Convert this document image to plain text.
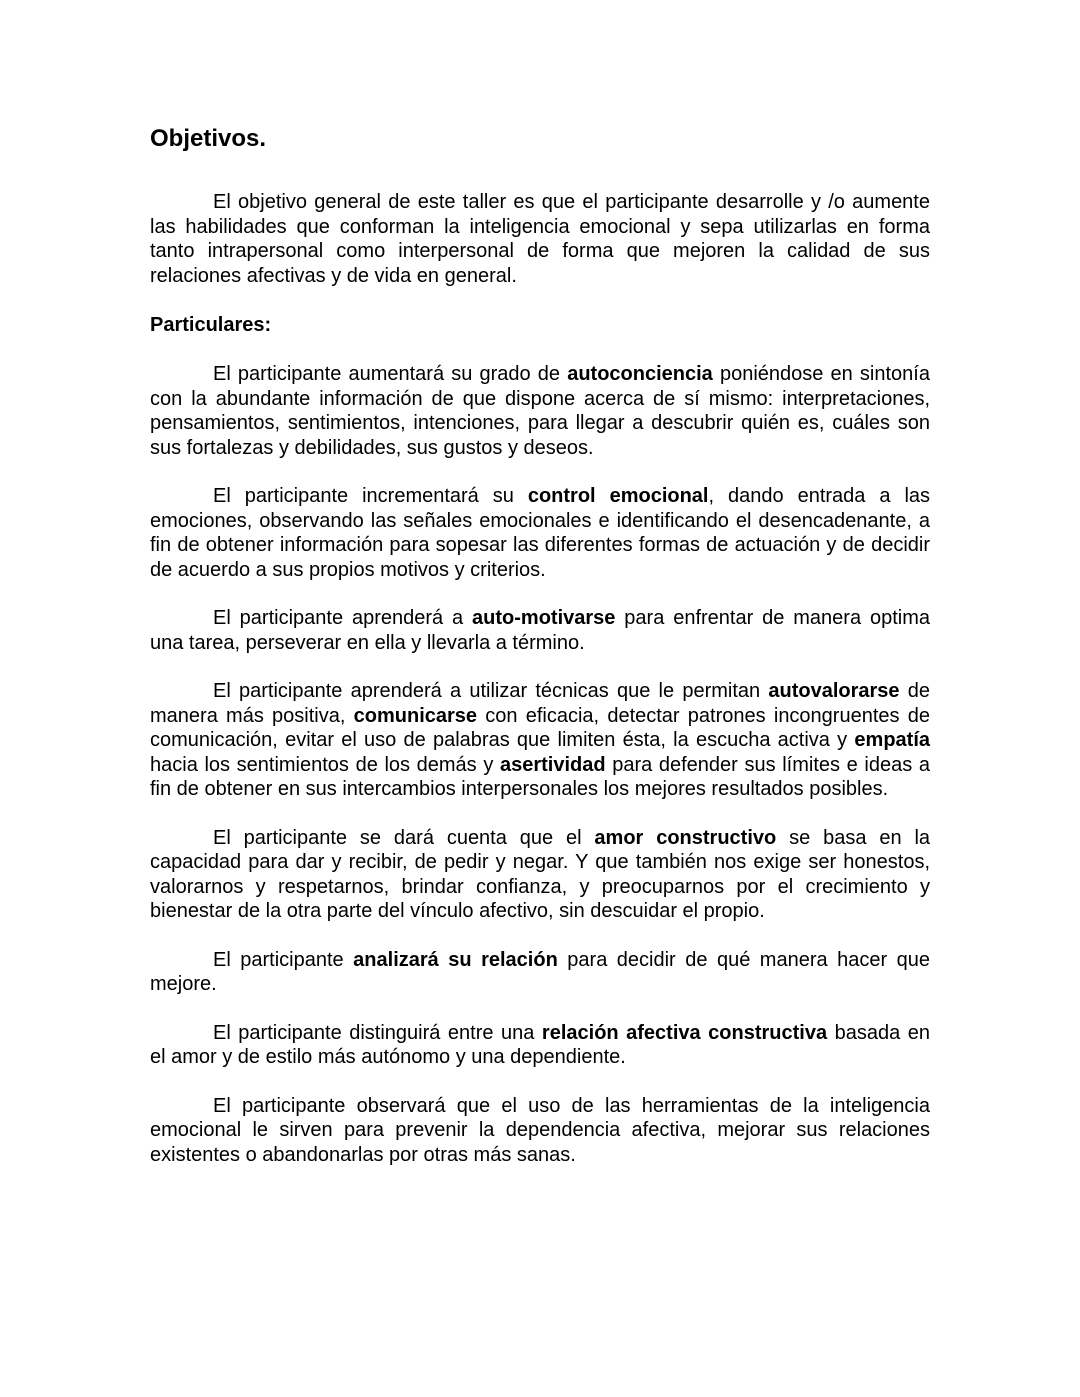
Objetivos.

El objetivo general de este taller es que el participante desarrolle y /o aumente las habilidades que conforman la inteligencia emocional y sepa utilizarlas en forma tanto intrapersonal como interpersonal de forma que mejoren la calidad de sus relaciones afectivas y de vida en general.

Particulares:

El participante aumentará su grado de autoconciencia poniéndose en sintonía con la abundante información de que dispone acerca de sí mismo: interpretaciones, pensamientos, sentimientos, intenciones, para llegar a descubrir quién es, cuáles son sus fortalezas y debilidades, sus gustos y deseos.

El participante incrementará su control emocional, dando entrada a las emociones, observando las señales emocionales e identificando el desencadenante, a fin de obtener información para sopesar las diferentes formas de actuación y de decidir de acuerdo a sus propios motivos y criterios.

El participante aprenderá a auto-motivarse para enfrentar de manera optima una tarea, perseverar en ella y llevarla a término.

El participante aprenderá a utilizar técnicas que le permitan autovalorarse de manera más positiva, comunicarse con eficacia, detectar patrones incongruentes de comunicación, evitar el uso de palabras que limiten ésta, la escucha activa y empatía hacia los sentimientos de los demás y asertividad para defender sus límites e ideas a fin de obtener en sus intercambios interpersonales los mejores resultados posibles.

El participante se dará cuenta que el amor constructivo se basa en la capacidad para dar y recibir, de pedir y negar. Y que también nos exige ser honestos, valorarnos y respetarnos, brindar confianza, y preocuparnos por el crecimiento y bienestar de la otra parte del vínculo afectivo, sin descuidar el propio.

El participante analizará su relación para decidir de qué manera hacer que mejore.

El participante distinguirá entre una relación afectiva constructiva basada en el amor y de estilo más autónomo y una dependiente.

El participante observará que el uso de las herramientas de la inteligencia emocional le sirven para prevenir la dependencia afectiva, mejorar sus relaciones existentes o abandonarlas por otras más sanas.
